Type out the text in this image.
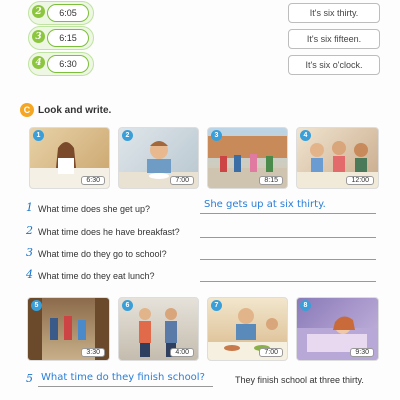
6:05
2	It's six thirty.
6:15
3	It's six fifteen.
6:30
4	It's six o'clock.
C Look and write.
1
6:30
2
7:00
3
8:15
4
12:00
1 What time does she get up?	She gets up at six thirty.
2 What time does he have breakfast?
3 What time do they go to school?
4 What time do they eat lunch?
5
3:30
6
4:00
7
7:00
8
9:30
5 What time do they finish school?	They finish school at three thirty.
